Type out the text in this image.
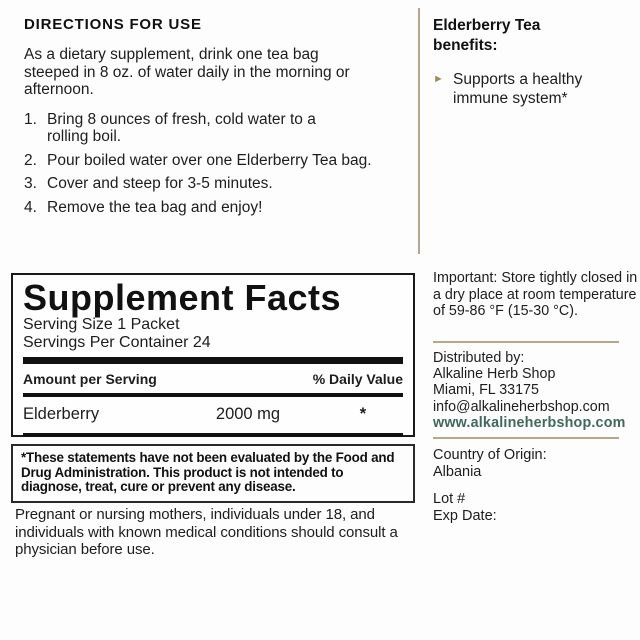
DIRECTIONS FOR USE

As a dietary supplement, drink one tea bag steeped in 8 oz. of water daily in the morning or afternoon.

1. Bring 8 ounces of fresh, cold water to a rolling boil.
2. Pour boiled water over one Elderberry Tea bag.
3. Cover and steep for 3-5 minutes.
4. Remove the tea bag and enjoy!
Elderberry Tea benefits:
► Supports a healthy immune system*
Supplement Facts
Serving Size 1 Packet
Servings Per Container 24
Amount per Serving	% Daily Value
Elderberry	2000 mg	*

*These statements have not been evaluated by the Food and Drug Administration. This product is not intended to diagnose, treat, cure or prevent any disease.

Pregnant or nursing mothers, individuals under 18, and individuals with known medical conditions should consult a physician before use.

Important: Store tightly closed in a dry place at room temperature of 59-86 °F (15-30 °C).
Distributed by:
Alkaline Herb Shop
Miami, FL 33175
info@alkalineherbshop.com
www.alkalineherbshop.com
Country of Origin:
Albania
Lot #
Exp Date:
